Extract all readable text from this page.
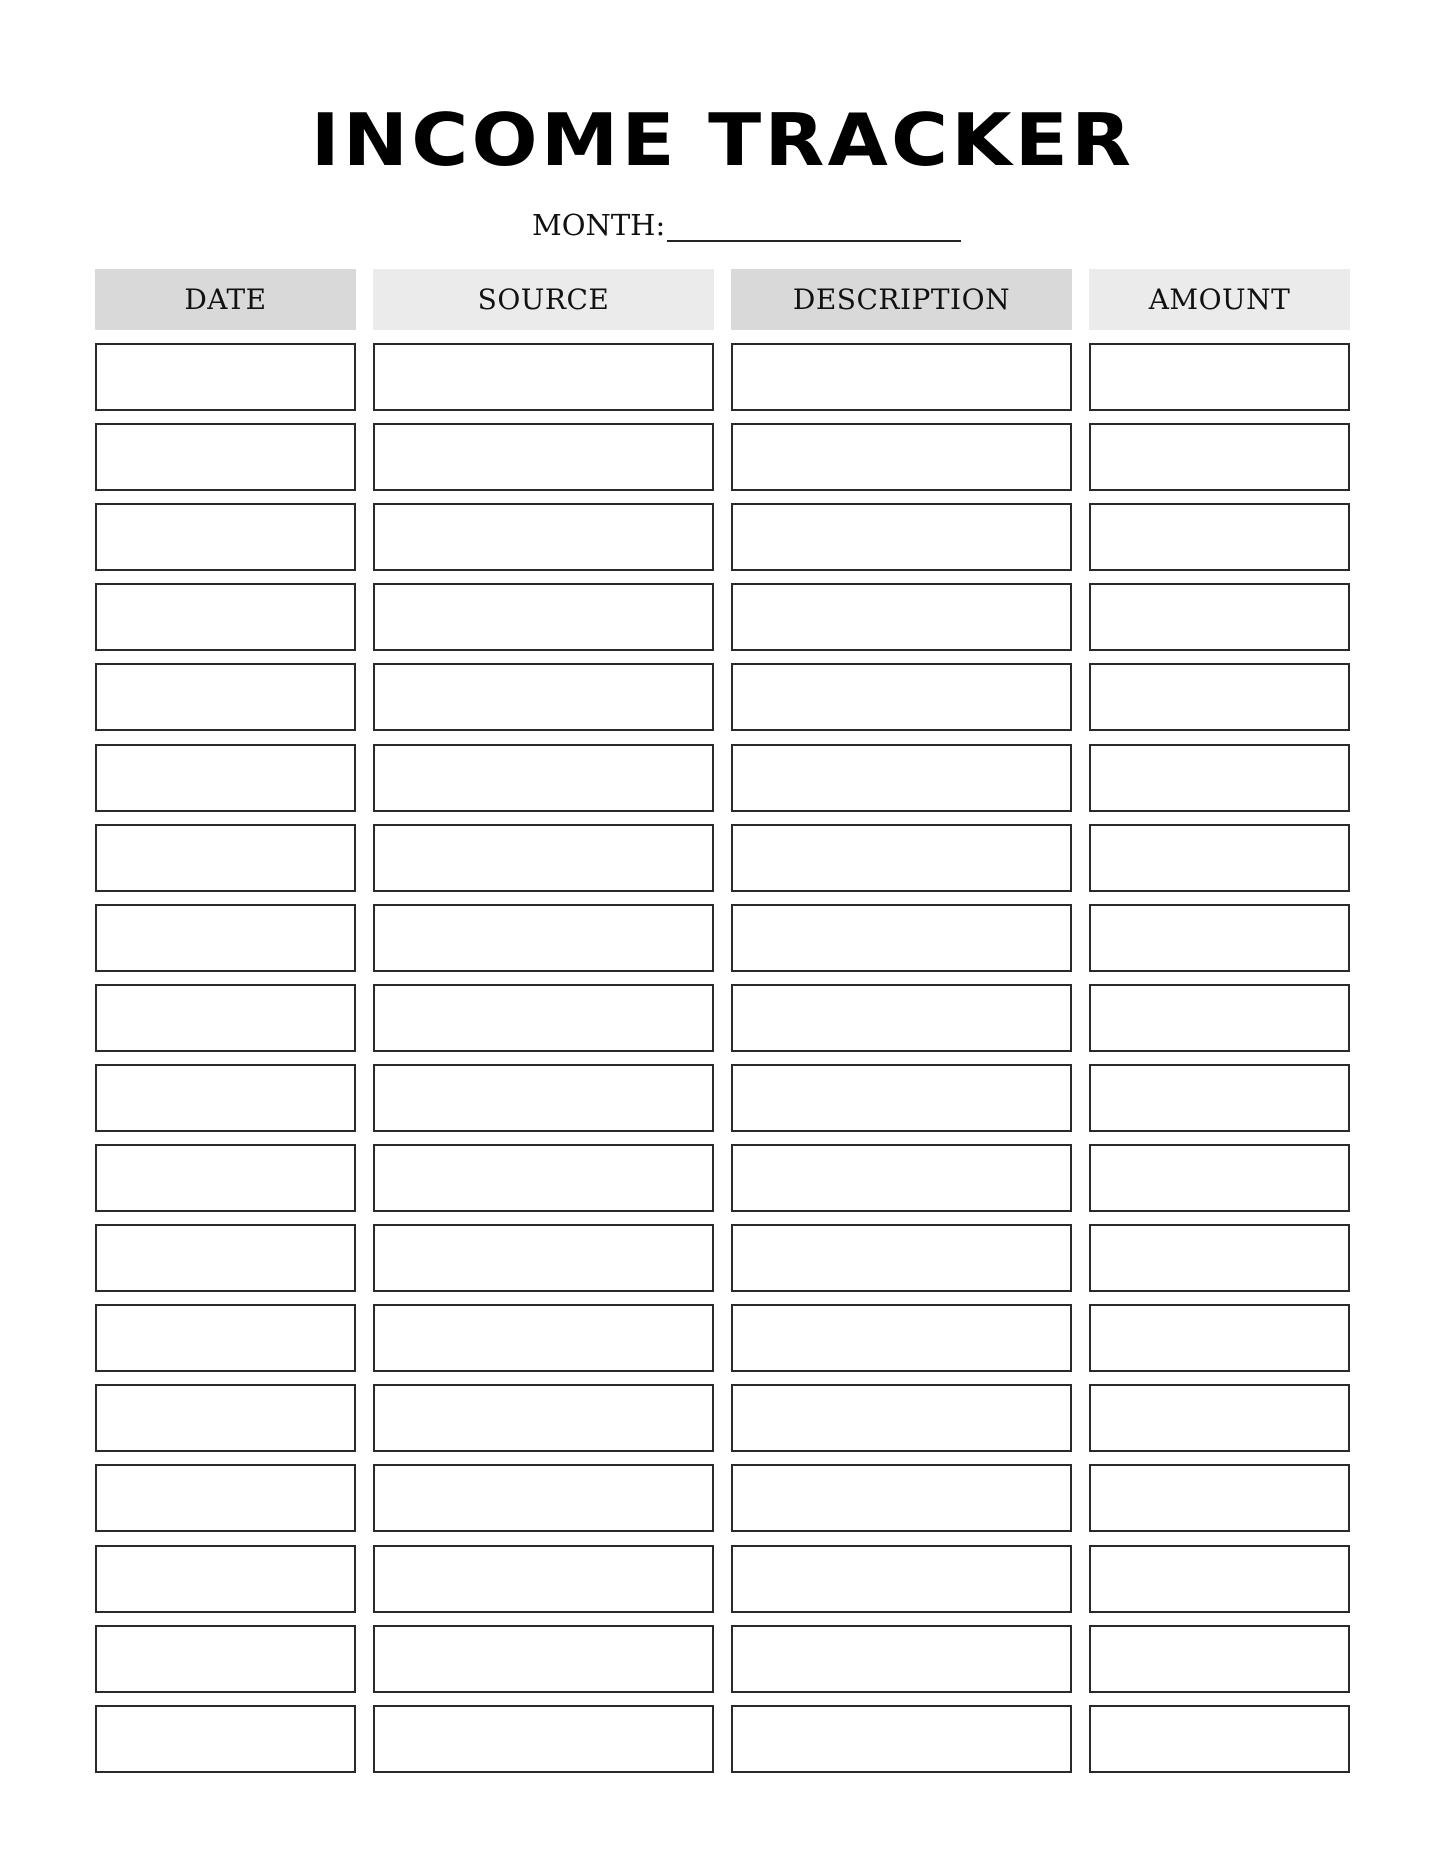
INCOME TRACKER
MONTH:
DATE	SOURCE	DESCRIPTION	AMOUNT
